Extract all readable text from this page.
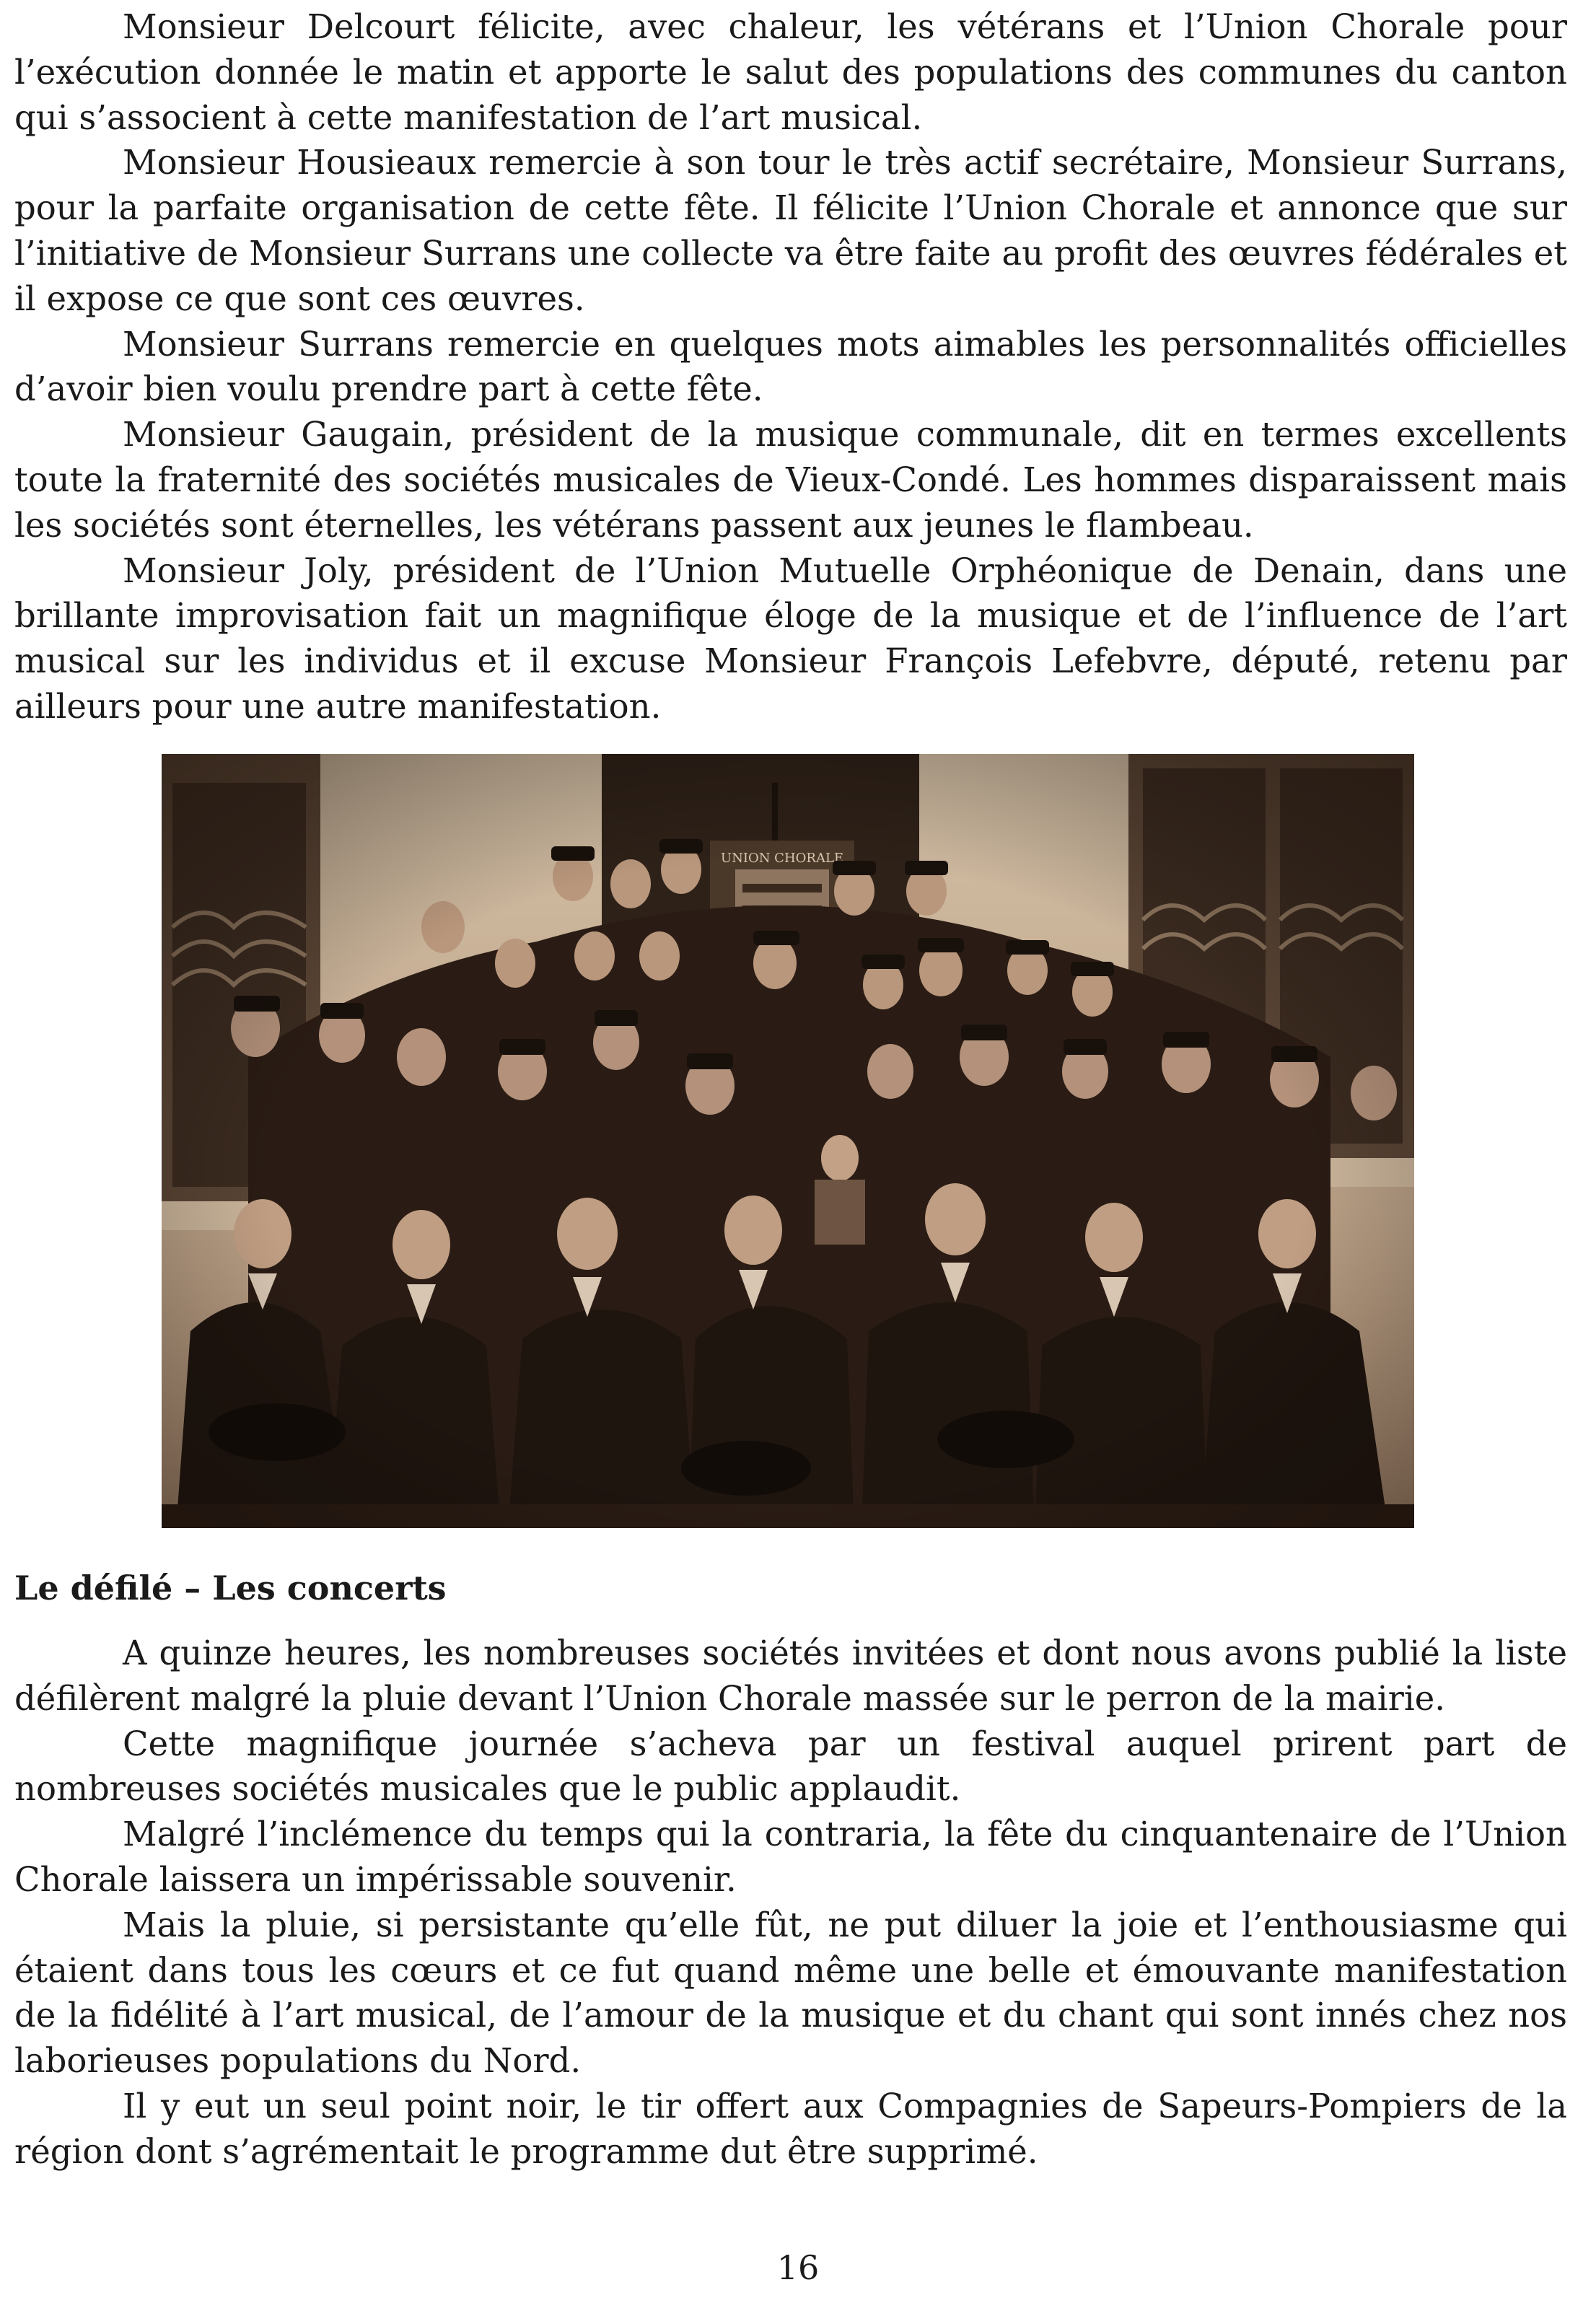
Monsieur Delcourt félicite, avec chaleur, les vétérans et l’Union Chorale pour l’exécution donnée le matin et apporte le salut des populations des communes du canton qui s’associent à cette manifestation de l’art musical.

Monsieur Housieaux remercie à son tour le très actif secrétaire, Monsieur Surrans, pour la parfaite organisation de cette fête. Il félicite l’Union Chorale et annonce que sur l’initiative de Monsieur Surrans une collecte va être faite au profit des œuvres fédérales et il expose ce que sont ces œuvres.

Monsieur Surrans remercie en quelques mots aimables les personnalités officielles d’avoir bien voulu prendre part à cette fête.

Monsieur Gaugain, président de la musique communale, dit en termes excellents toute la fraternité des sociétés musicales de Vieux-Condé. Les hommes disparaissent mais les sociétés sont éternelles, les vétérans passent aux jeunes le flambeau.

Monsieur Joly, président de l’Union Mutuelle Orphéonique de Denain, dans une brillante improvisation fait un magnifique éloge de la musique et de l’influence de l’art musical sur les individus et il excuse Monsieur François Lefebvre, député, retenu par ailleurs pour une autre manifestation.

Le défilé – Les concerts

A quinze heures, les nombreuses sociétés invitées et dont nous avons publié la liste défilèrent malgré la pluie devant l’Union Chorale massée sur le perron de la mairie.

Cette magnifique journée s’acheva par un festival auquel prirent part de nombreuses sociétés musicales que le public applaudit.

Malgré l’inclémence du temps qui la contraria, la fête du cinquantenaire de l’Union Chorale laissera un impérissable souvenir.

Mais la pluie, si persistante qu’elle fût, ne put diluer la joie et l’enthousiasme qui étaient dans tous les cœurs et ce fut quand même une belle et émouvante manifestation de la fidélité à l’art musical, de l’amour de la musique et du chant qui sont innés chez nos laborieuses populations du Nord.

Il y eut un seul point noir, le tir offert aux Compagnies de Sapeurs-Pompiers de la région dont s’agrémentait le programme dut être supprimé.

16
